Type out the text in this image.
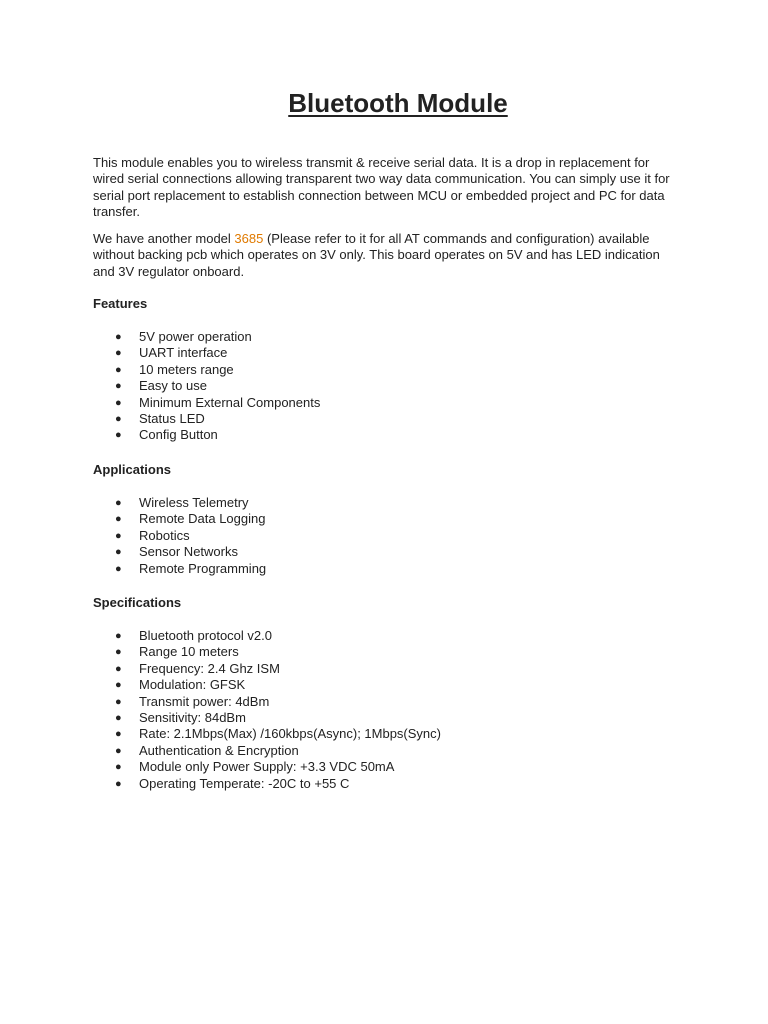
Bluetooth Module

This module enables you to wireless transmit & receive serial data. It is a drop in replacement for wired serial connections allowing transparent two way data communication. You can simply use it for serial port replacement to establish connection between MCU or embedded project and PC for data transfer.

We have another model 3685 (Please refer to it for all AT commands and configuration) available without backing pcb which operates on 3V only. This board operates on 5V and has LED indication and 3V regulator onboard.

Features

● 5V power operation
● UART interface
● 10 meters range
● Easy to use
● Minimum External Components
● Status LED
● Config Button

Applications

● Wireless Telemetry
● Remote Data Logging
● Robotics
● Sensor Networks
● Remote Programming

Specifications

● Bluetooth protocol v2.0
● Range 10 meters
● Frequency: 2.4 Ghz ISM
● Modulation: GFSK
● Transmit power: 4dBm
● Sensitivity: 84dBm
● Rate: 2.1Mbps(Max) /160kbps(Async); 1Mbps(Sync)
● Authentication & Encryption
● Module only Power Supply: +3.3 VDC 50mA
● Operating Temperate: -20C to +55 C
